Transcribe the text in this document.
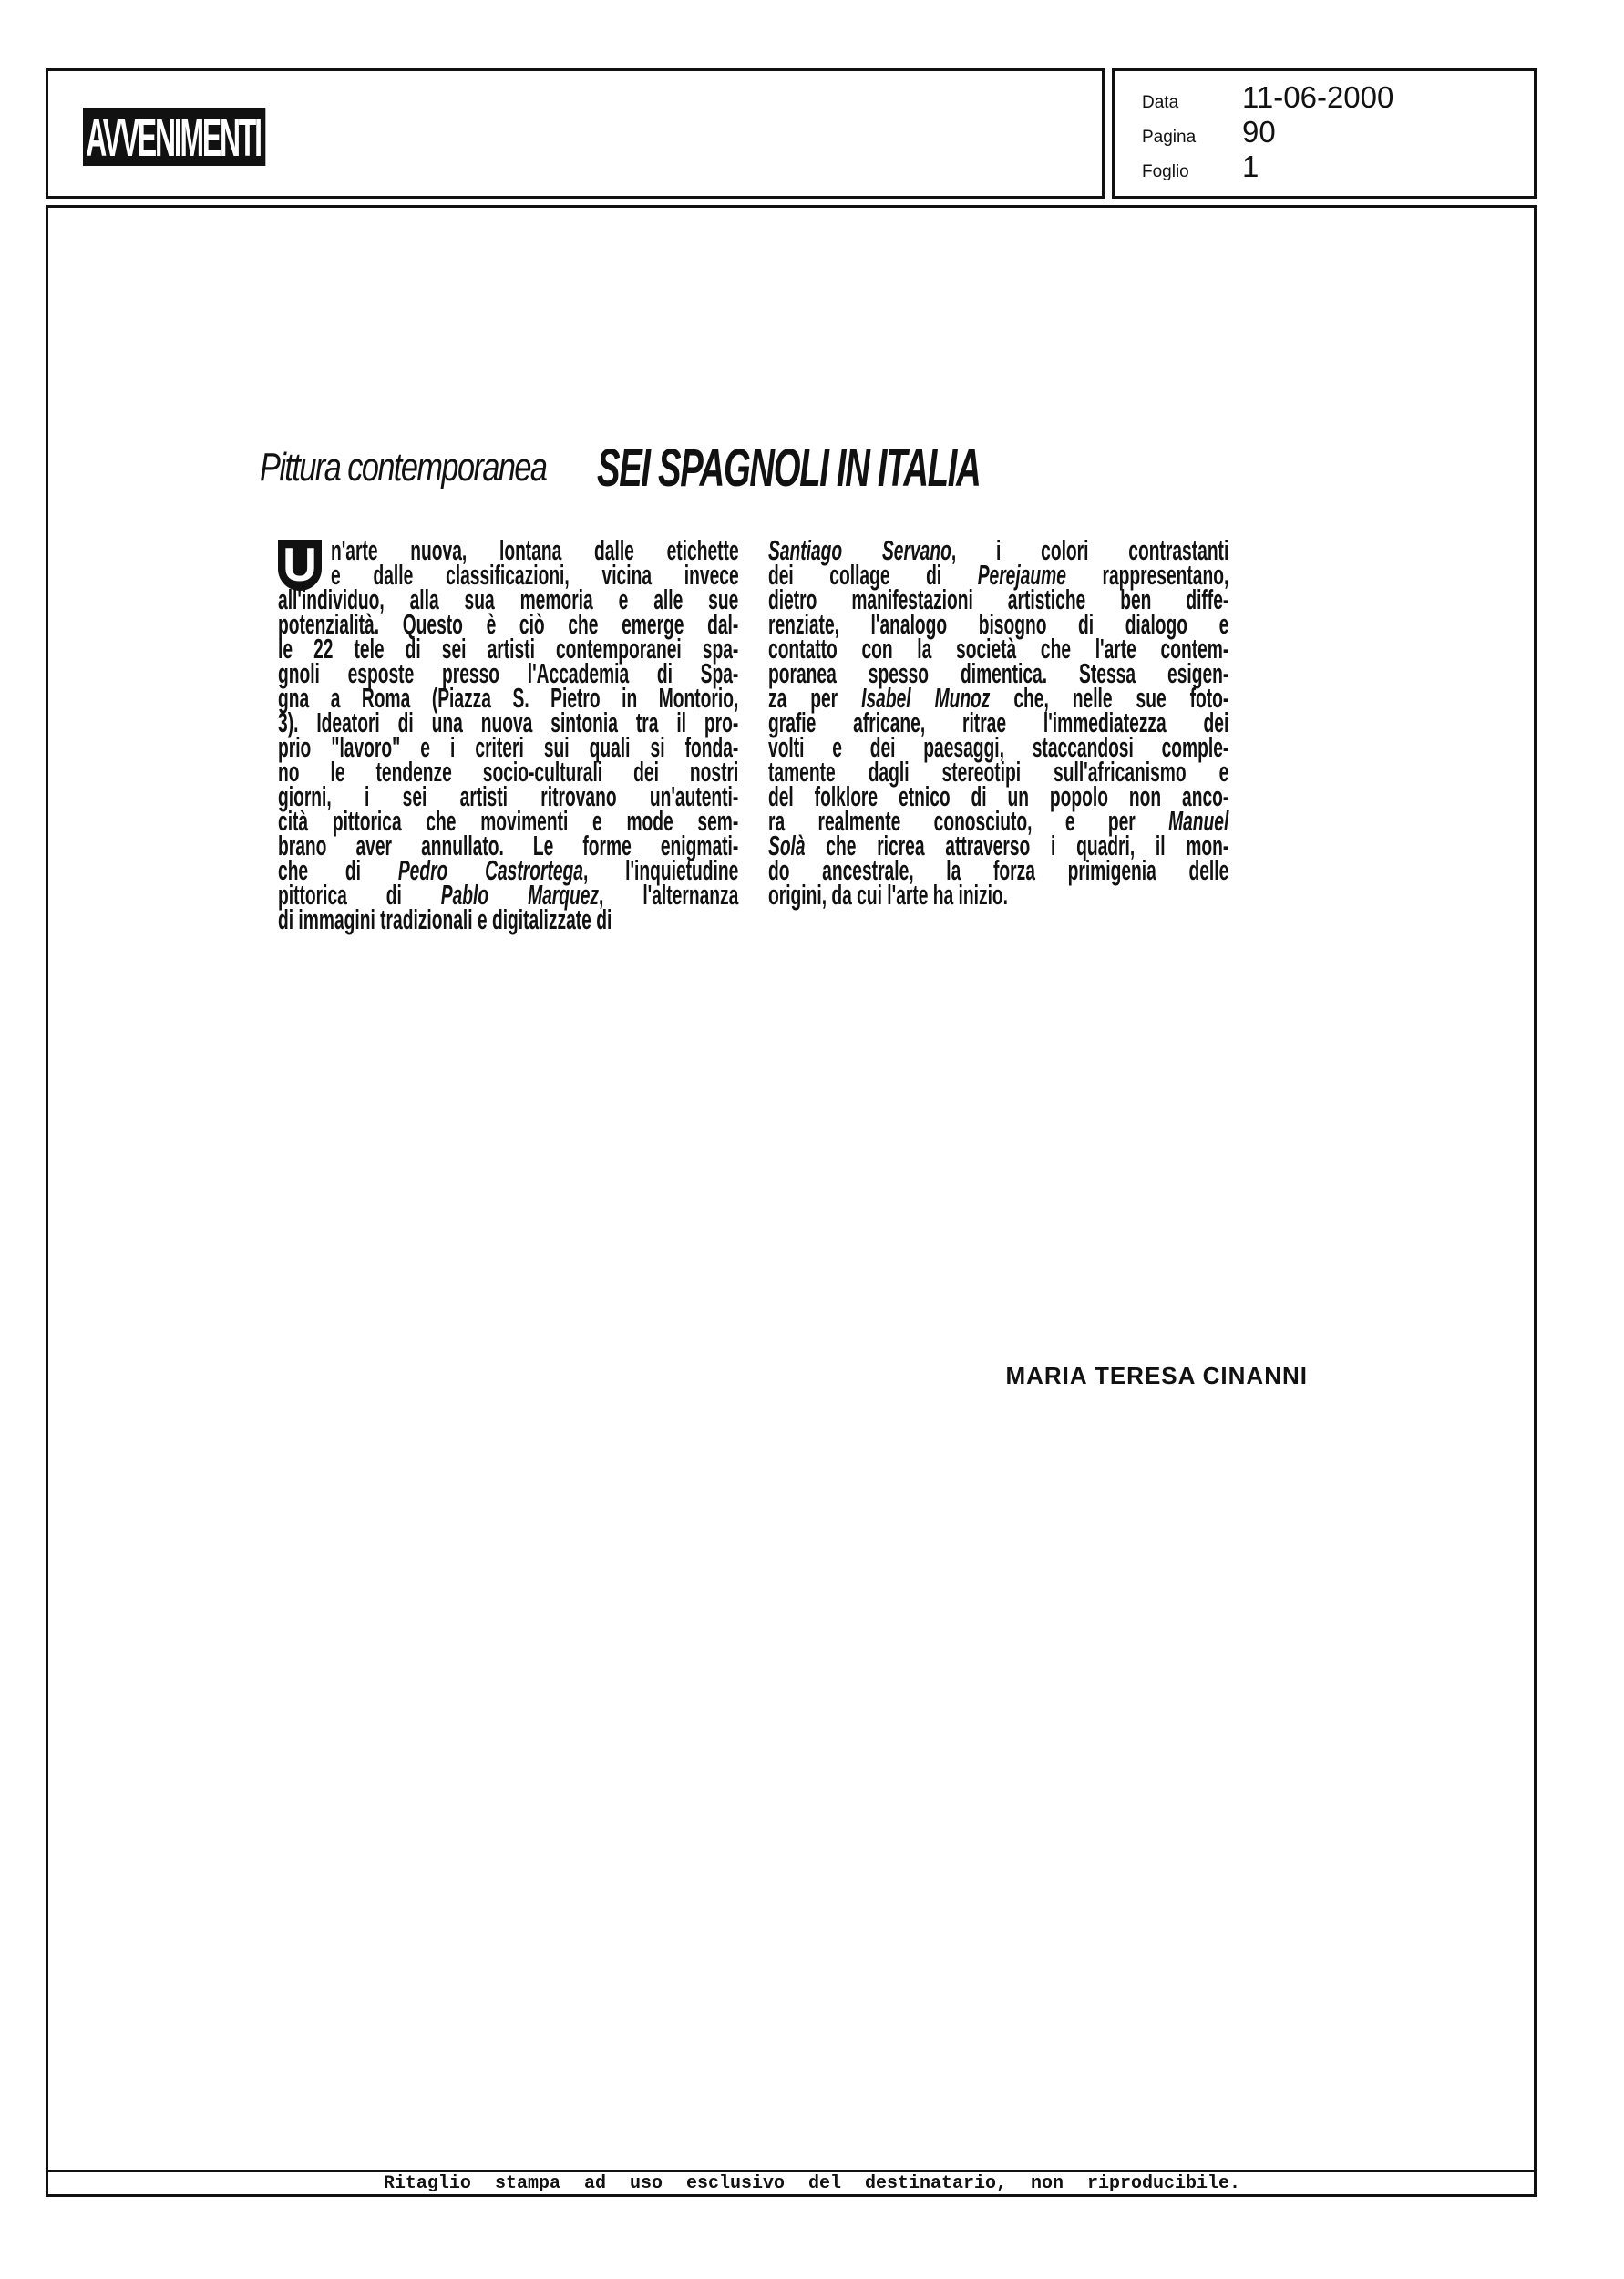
AVVENIMENTI
Data	11-06-2000
Pagina	90
Foglio	1
Pittura contemporanea SEI SPAGNOLI IN ITALIA
U n'arte nuova, lontana dalle etichette
e dalle classificazioni, vicina invece
all'individuo, alla sua memoria e alle sue
potenzialità. Questo è ciò che emerge dal-
le 22 tele di sei artisti contemporanei spa-
gnoli esposte presso l'Accademia di Spa-
gna a Roma (Piazza S. Pietro in Montorio,
3). Ideatori di una nuova sintonia tra il pro-
prio "lavoro" e i criteri sui quali si fonda-
no le tendenze socio-culturali dei nostri
giorni, i sei artisti ritrovano un'autenti-
cità pittorica che movimenti e mode sem-
brano aver annullato. Le forme enigmati-
che di Pedro Castrortega, l'inquietudine
pittorica di Pablo Marquez, l'alternanza
di immagini tradizionali e digitalizzate di
Santiago Servano, i colori contrastanti
dei collage di Perejaume rappresentano,
dietro manifestazioni artistiche ben diffe-
renziate, l'analogo bisogno di dialogo e
contatto con la società che l'arte contem-
poranea spesso dimentica. Stessa esigen-
za per Isabel Munoz che, nelle sue foto-
grafie africane, ritrae l'immediatezza dei
volti e dei paesaggi, staccandosi comple-
tamente dagli stereotipi sull'africanismo e
del folklore etnico di un popolo non anco-
ra realmente conosciuto, e per Manuel
Solà che ricrea attraverso i quadri, il mon-
do ancestrale, la forza primigenia delle
origini, da cui l'arte ha inizio.
MARIA TERESA CINANNI
Ritaglio stampa ad uso esclusivo del destinatario, non riproducibile.
